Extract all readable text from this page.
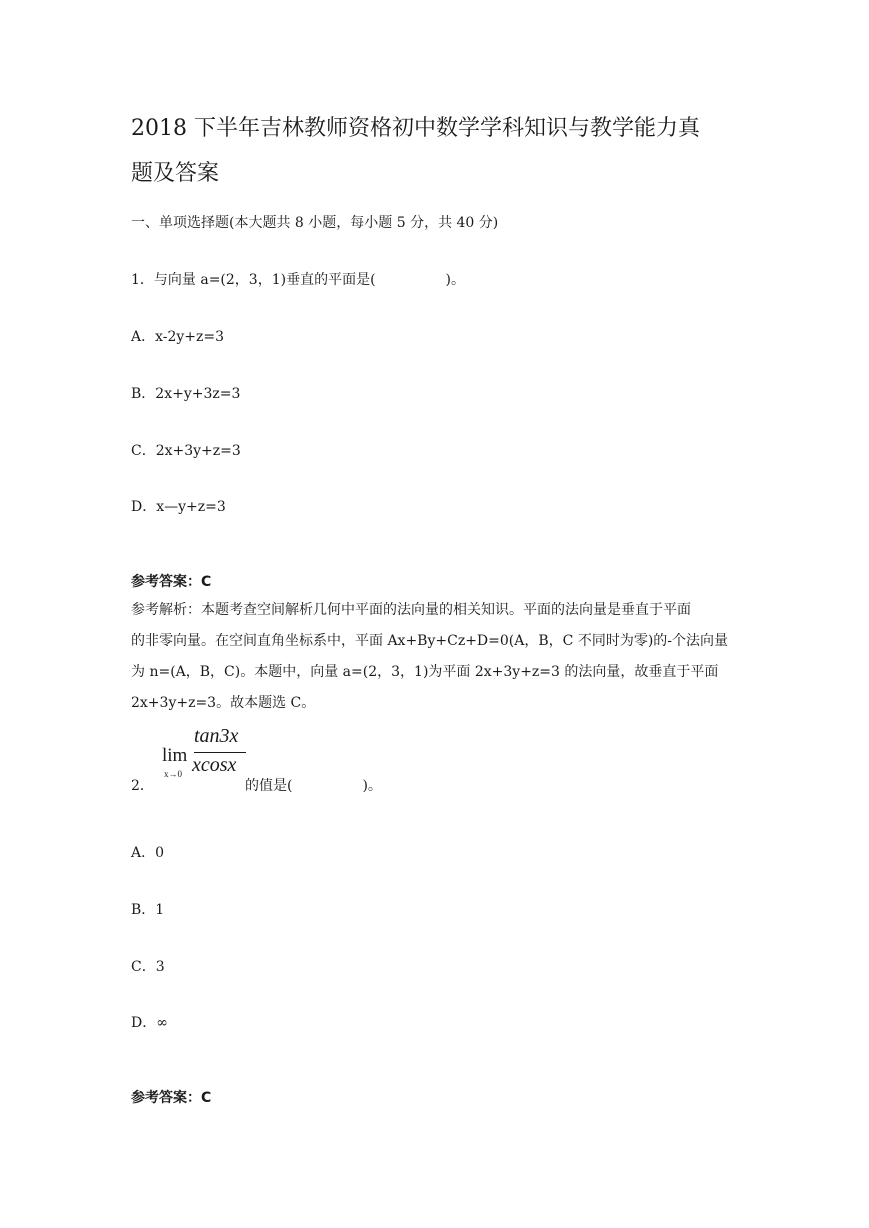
2018 下半年吉林教师资格初中数学学科知识与教学能力真
题及答案
一、单项选择题(本大题共 8 小题，每小题 5 分，共 40 分)
1．与向量 a=(2，3，1)垂直的平面是(　　　　　)。
A．x-2y+z=3
B．2x+y+3z=3
C．2x+3y+z=3
D．x—y+z=3
参考答案：C
参考解析：本题考查空间解析几何中平面的法向量的相关知识。平面的法向量是垂直于平面
的非零向量。在空间直角坐标系中，平面 Ax+By+Cz+D=0(A，B，C 不同时为零)的-个法向量
为 n=(A，B，C)。本题中，向量 a=(2，3，1)为平面 2x+3y+z=3 的法向量，故垂直于平面
2x+3y+z=3。故本题选 C。
2．
lim
x→0
tan3x
xcosx
的值是(　　　　　)。
A．0
B．1
C．3
D．∞
参考答案：C
